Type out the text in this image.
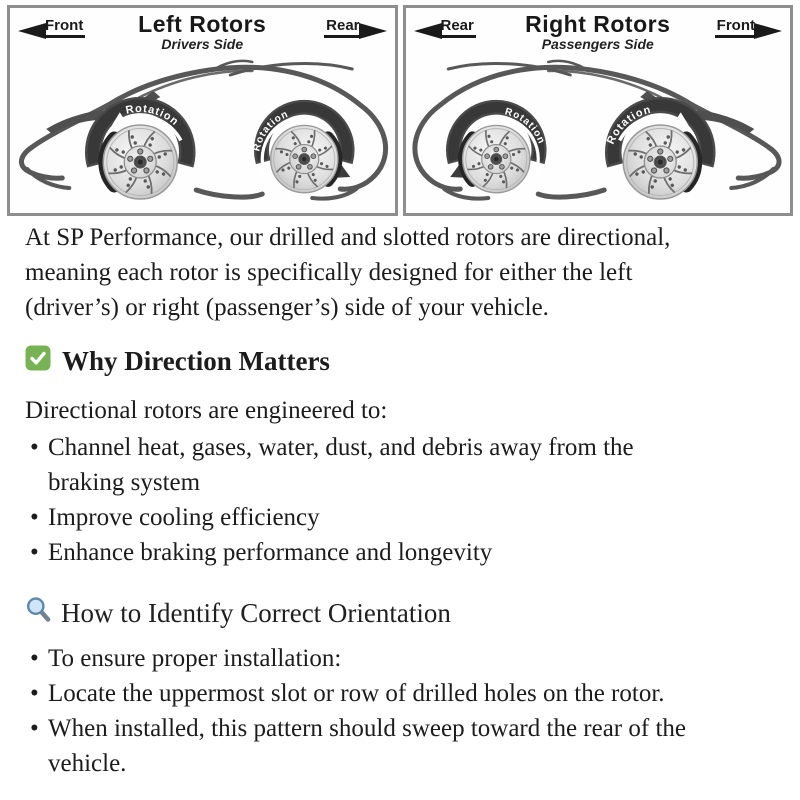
Front	Left Rotors
Drivers Side
Rear
Rotation
Rotation
Rear	Right Rotors
Passengers Side
Front
Rotation
Rotation
At SP Performance, our drilled and slotted rotors are directional,
meaning each rotor is specifically designed for either the left
(driver’s) or right (passenger’s) side of your vehicle.
Why Direction Matters
Directional rotors are engineered to:
• Channel heat, gases, water, dust, and debris away from the
braking system
• Improve cooling efficiency
• Enhance braking performance and longevity
How to Identify Correct Orientation
• To ensure proper installation:
• Locate the uppermost slot or row of drilled holes on the rotor.
• When installed, this pattern should sweep toward the rear of the
vehicle.
